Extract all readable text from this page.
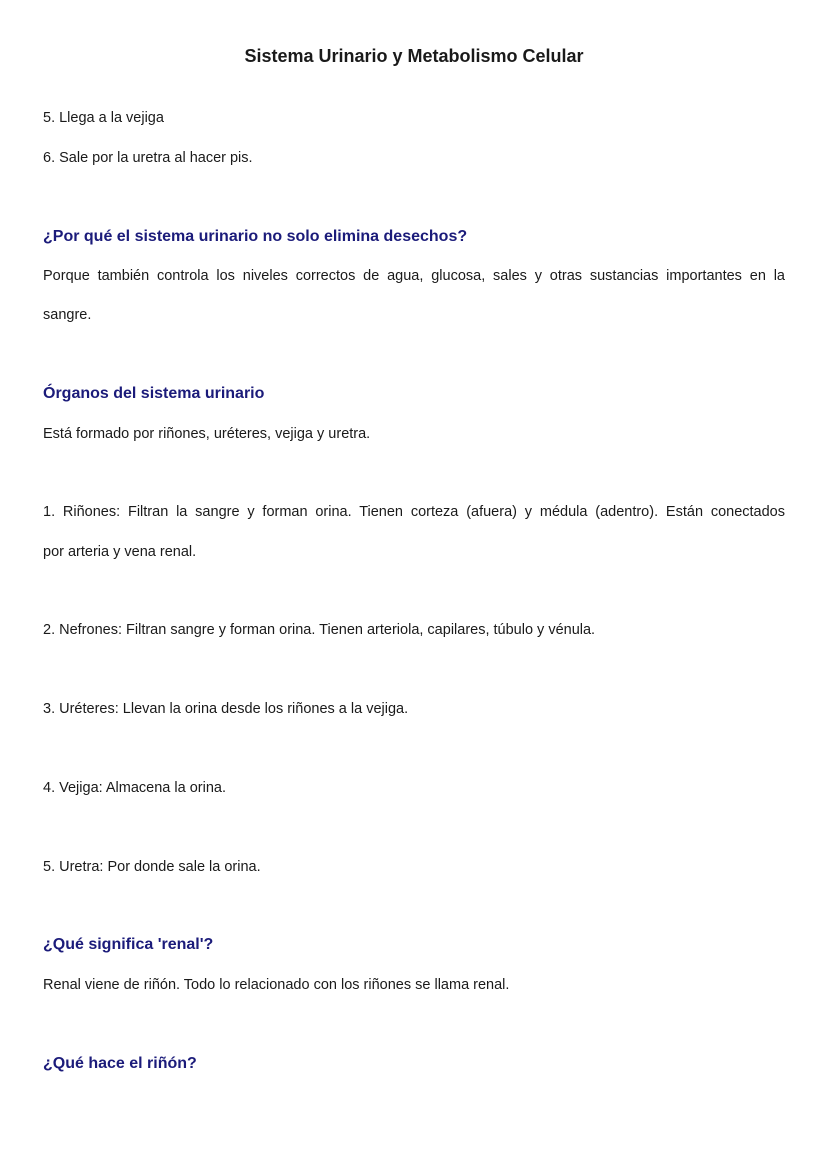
Sistema Urinario y Metabolismo Celular
5. Llega a la vejiga
6. Sale por la uretra al hacer pis.
¿Por qué el sistema urinario no solo elimina desechos?
Porque también controla los niveles correctos de agua, glucosa, sales y otras sustancias importantes en la
sangre.
Órganos del sistema urinario
Está formado por riñones, uréteres, vejiga y uretra.
1. Riñones: Filtran la sangre y forman orina. Tienen corteza (afuera) y médula (adentro). Están conectados
por arteria y vena renal.
2. Nefrones: Filtran sangre y forman orina. Tienen arteriola, capilares, túbulo y vénula.
3. Uréteres: Llevan la orina desde los riñones a la vejiga.
4. Vejiga: Almacena la orina.
5. Uretra: Por donde sale la orina.
¿Qué significa 'renal'?
Renal viene de riñón. Todo lo relacionado con los riñones se llama renal.
¿Qué hace el riñón?
